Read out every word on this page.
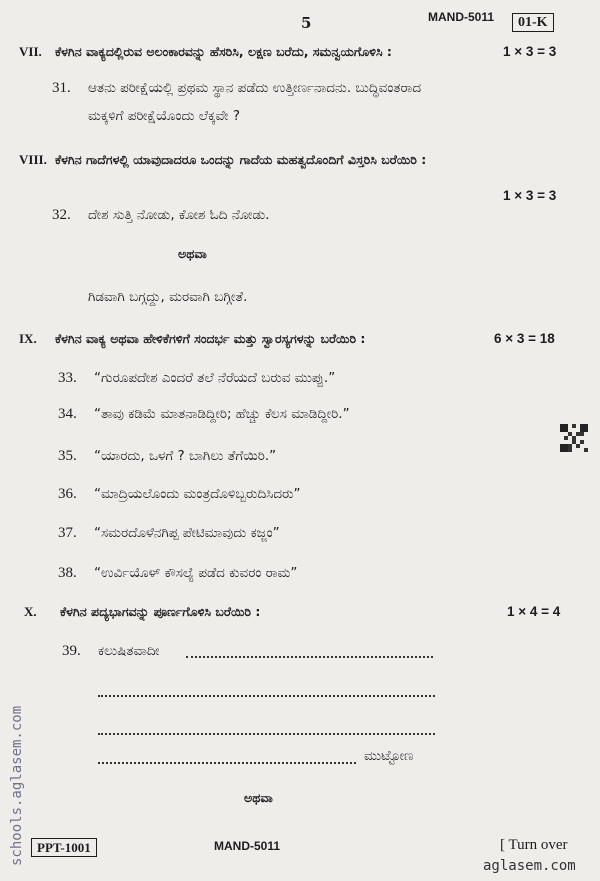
5	MAND-5011	01-K
VII. ಕೆಳಗಿನ ವಾಕ್ಯದಲ್ಲಿರುವ ಅಲಂಕಾರವನ್ನು ಹೆಸರಿಸಿ, ಲಕ್ಷಣ ಬರೆದು, ಸಮನ್ವಯಗೊಳಿಸಿ :	1 × 3 = 3
31. ಆತನು ಪರೀಕ್ಷೆಯಲ್ಲಿ ಪ್ರಥಮ ಸ್ಥಾನ ಪಡೆದು ಉತ್ತೀರ್ಣನಾದನು. ಬುದ್ಧಿವಂತರಾದ
ಮಕ್ಕಳಿಗೆ ಪರೀಕ್ಷೆಯೊಂದು ಲೆಕ್ಕವೇ ?
VIII. ಕೆಳಗಿನ ಗಾದೆಗಳಲ್ಲಿ ಯಾವುದಾದರೂ ಒಂದನ್ನು ಗಾದೆಯ ಮಹತ್ವದೊಂದಿಗೆ ವಿಸ್ತರಿಸಿ ಬರೆಯಿರಿ :
1 × 3 = 3
32. ದೇಶ ಸುತ್ತಿ ನೋಡು, ಕೋಶ ಓದಿ ನೋಡು.
ಅಥವಾ
ಗಿಡವಾಗಿ ಬಗ್ಗದ್ದು, ಮರವಾಗಿ ಬಗ್ಗೀತೆ.
IX. ಕೆಳಗಿನ ವಾಕ್ಯ ಅಥವಾ ಹೇಳಿಕೆಗಳಿಗೆ ಸಂದರ್ಭ ಮತ್ತು ಸ್ವಾರಸ್ಯಗಳನ್ನು ಬರೆಯಿರಿ :	6 × 3 = 18
33. “ಗುರೂಪದೇಶ ಎಂದರೆ ತಲೆ ನೆರೆಯದೆ ಬರುವ ಮುಪ್ಪು.”
34. “ತಾವು ಕಡಿಮೆ ಮಾತನಾಡಿದ್ದೀರಿ; ಹೆಚ್ಚು ಕೆಲಸ ಮಾಡಿದ್ದೀರಿ.”
35. “ಯಾರದು, ಒಳಗೆ ? ಬಾಗಿಲು ತೆಗೆಯಿರಿ.”
36. “ಮಾದ್ರಿಯಲೊಂದು ಮಂತ್ರದೊಳಿಬ್ಬರುದಿಸಿದರು”
37. “ಸಮರದೊಳೆನಗಿಪ್ಪ ಪೇಟಿಮಾವುದು ಕಜ್ಜಂ”
38. “ಉರ್ವಿಯೊಳ್ ಕೌಸಲ್ಯೆ ಪಡೆದ ಕುವರಂ ರಾಮ”
X. ಕೆಳಗಿನ ಪದ್ಯಭಾಗವನ್ನು ಪೂರ್ಣಗೊಳಿಸಿ ಬರೆಯಿರಿ :	1 × 4 = 4
39. ಕಲುಷಿತವಾದೀ
ಮುಟ್ಟೋಣ
ಅಥವಾ
PPT-1001	MAND-5011	[ Turn over
aglasem.com
schools.aglasem.com
